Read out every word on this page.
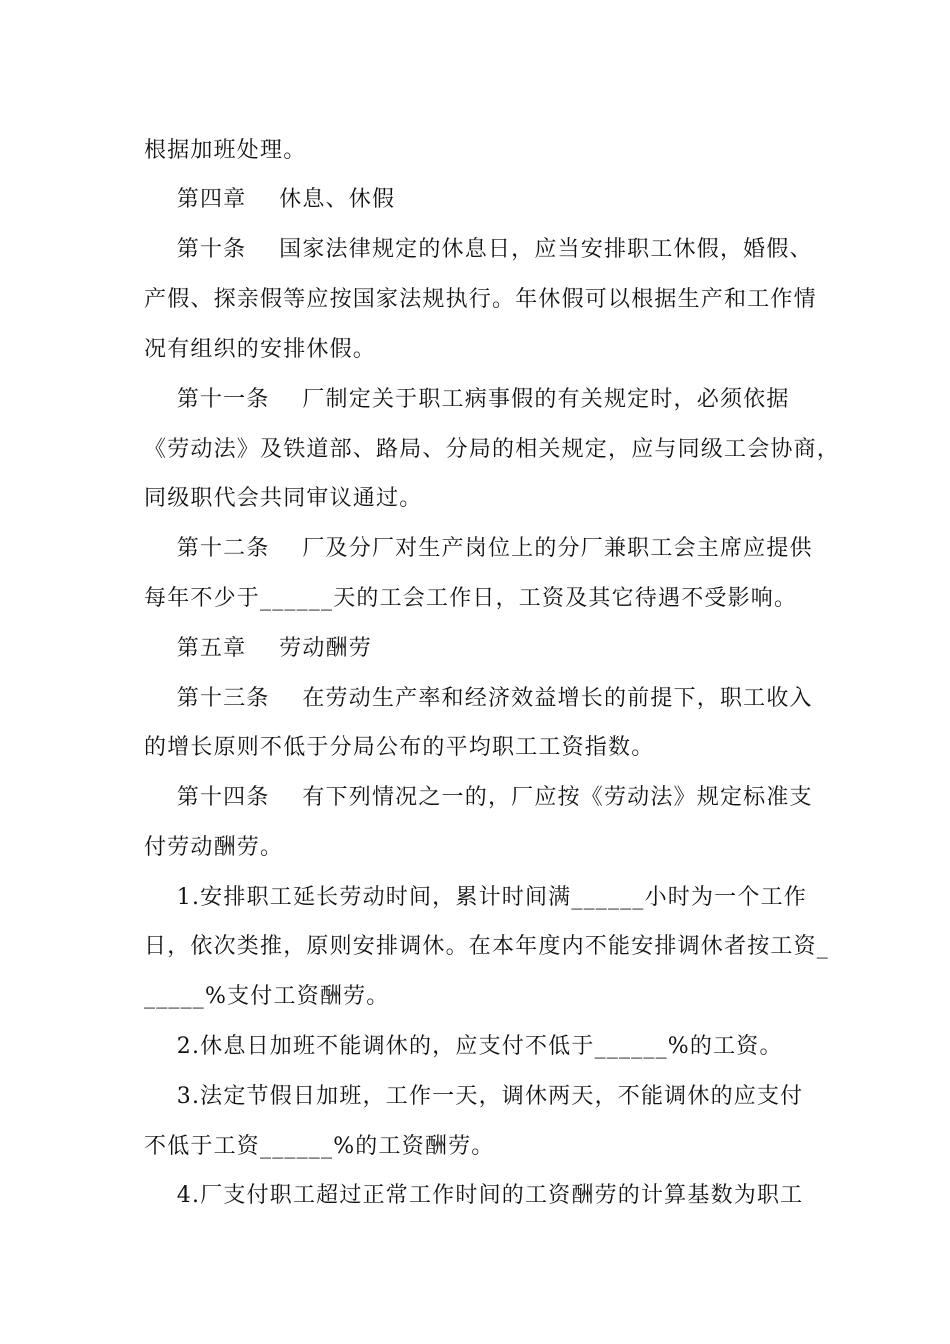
根据加班处理。
第四章    休息、休假
第十条    国家法律规定的休息日，应当安排职工休假，婚假、
产假、探亲假等应按国家法规执行。年休假可以根据生产和工作情
况有组织的安排休假。
第十一条    厂制定关于职工病事假的有关规定时，必须依据
《劳动法》及铁道部、路局、分局的相关规定，应与同级工会协商，
同级职代会共同审议通过。
第十二条    厂及分厂对生产岗位上的分厂兼职工会主席应提供
每年不少于______天的工会工作日，工资及其它待遇不受影响。
第五章    劳动酬劳
第十三条    在劳动生产率和经济效益增长的前提下，职工收入
的增长原则不低于分局公布的平均职工工资指数。
第十四条    有下列情况之一的，厂应按《劳动法》规定标准支
付劳动酬劳。
1.安排职工延长劳动时间，累计时间满______小时为一个工作
日，依次类推，原则安排调休。在本年度内不能安排调休者按工资_
_____%支付工资酬劳。
2.休息日加班不能调休的，应支付不低于______%的工资。
3.法定节假日加班，工作一天，调休两天，不能调休的应支付
不低于工资______%的工资酬劳。
4.厂支付职工超过正常工作时间的工资酬劳的计算基数为职工
